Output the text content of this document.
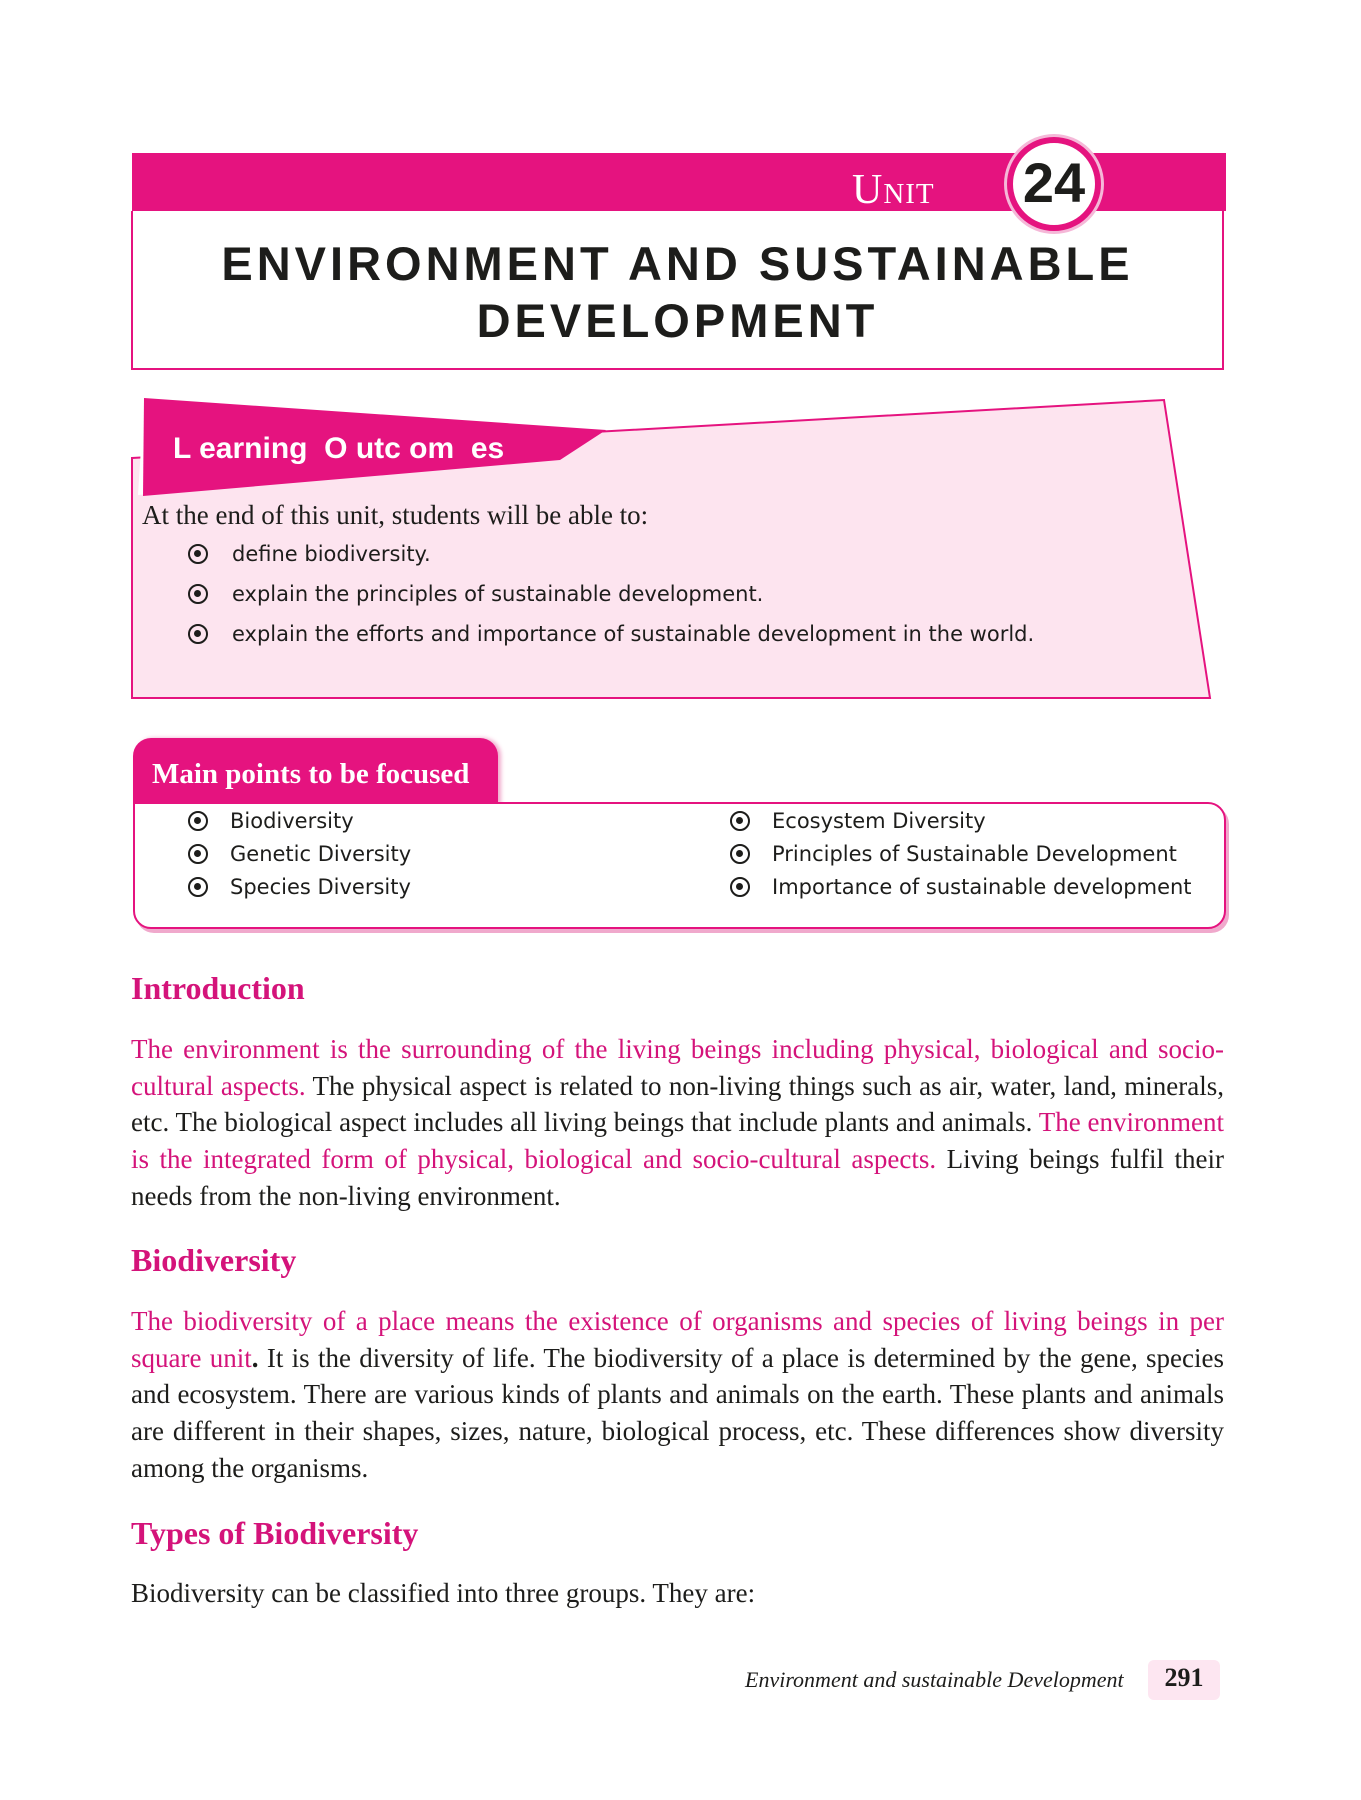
Unit 24
ENVIRONMENT AND SUSTAINABLE
DEVELOPMENT
L earning  O utc om  es
At the end of this unit, students will be able to:
define biodiversity.
explain the principles of sustainable development.
explain the efforts and importance of sustainable development in the world.
Main points to be focused
Biodiversity
Genetic Diversity
Species Diversity
Ecosystem Diversity
Principles of Sustainable Development
Importance of sustainable development
Introduction

The environment is the surrounding of the living beings including physical, biological and socio-cultural aspects. The physical aspect is related to non-living things such as air, water, land, minerals, etc. The biological aspect includes all living beings that include plants and animals. The environment is the integrated form of physical, biological and socio-cultural aspects. Living beings fulfil their needs from the non-living environment.

Biodiversity

The biodiversity of a place means the existence of organisms and species of living beings in per square unit. It is the diversity of life. The biodiversity of a place is determined by the gene, species and ecosystem. There are various kinds of plants and animals on the earth. These plants and animals are different in their shapes, sizes, nature, biological process, etc. These differences show diversity among the organisms.

Types of Biodiversity

Biodiversity can be classified into three groups. They are:

Environment and sustainable Development	291
